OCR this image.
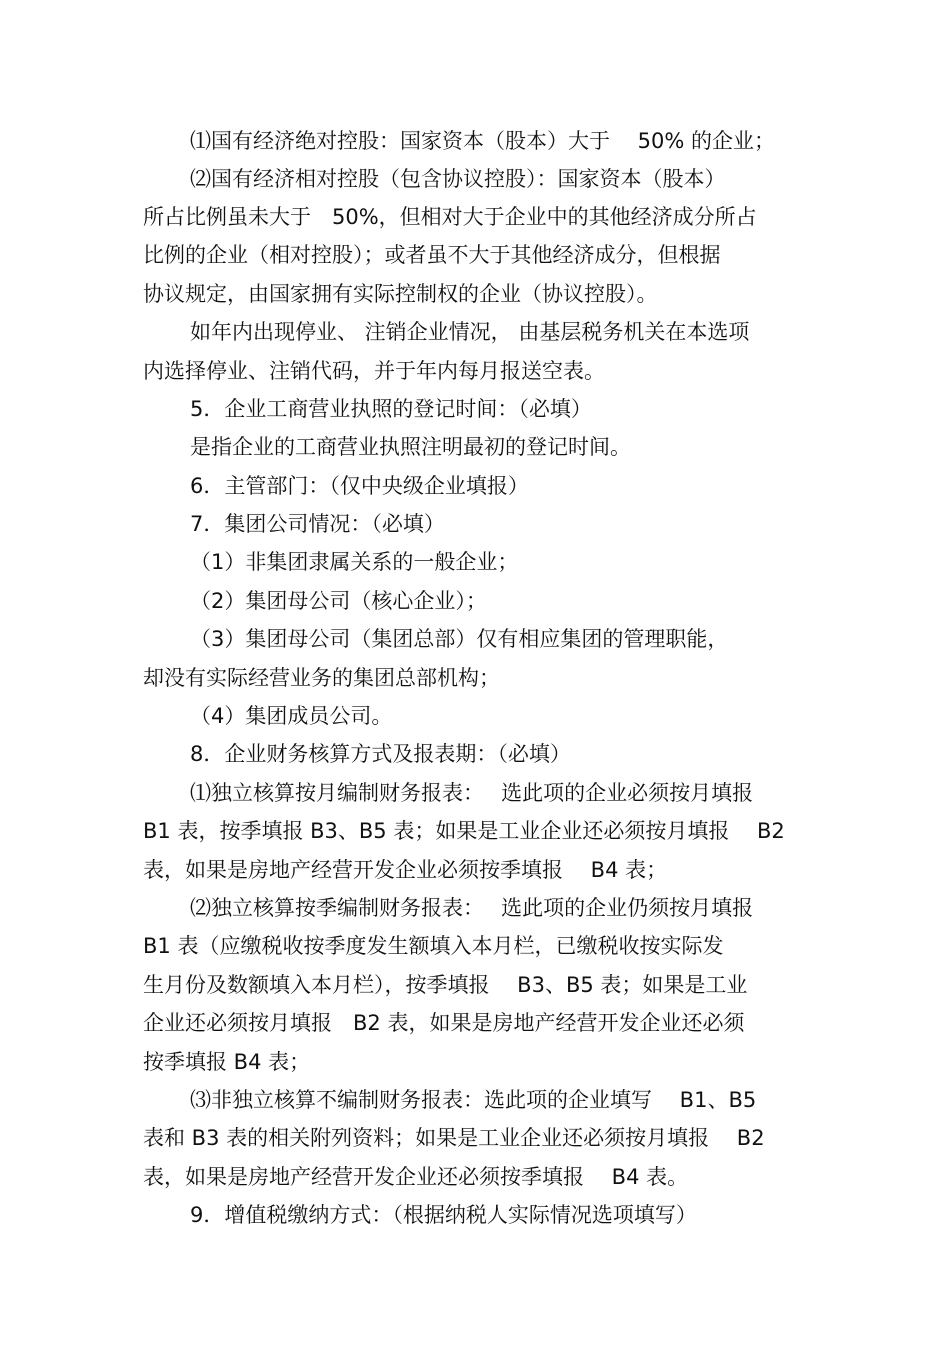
⑴国有经济绝对控股：国家资本（股本）大于　 50% 的企业；
⑵国有经济相对控股（包含协议控股）：国家资本（股本）
所占比例虽未大于　50%，但相对大于企业中的其他经济成分所占
比例的企业（相对控股）；或者虽不大于其他经济成分，但根据
协议规定，由国家拥有实际控制权的企业（协议控股）。
如年内出现停业、 注销企业情况， 由基层税务机关在本选项
内选择停业、注销代码，并于年内每月报送空表。
5．企业工商营业执照的登记时间：（必填）
是指企业的工商营业执照注明最初的登记时间。
6．主管部门：（仅中央级企业填报）
7．集团公司情况：（必填）
（1）非集团隶属关系的一般企业；
（2）集团母公司（核心企业）；
（3）集团母公司（集团总部）仅有相应集团的管理职能，
却没有实际经营业务的集团总部机构；
（4）集团成员公司。
8．企业财务核算方式及报表期：（必填）
⑴独立核算按月编制财务报表：　 选此项的企业必须按月填报
B1 表，按季填报 B3、B5 表；如果是工业企业还必须按月填报　 B2
表，如果是房地产经营开发企业必须按季填报　 B4 表；
⑵独立核算按季编制财务报表：　 选此项的企业仍须按月填报
B1 表（应缴税收按季度发生额填入本月栏，已缴税收按实际发
生月份及数额填入本月栏），按季填报　 B3、B5 表；如果是工业
企业还必须按月填报　B2 表，如果是房地产经营开发企业还必须
按季填报 B4 表；
⑶非独立核算不编制财务报表：选此项的企业填写　 B1、B5
表和 B3 表的相关附列资料；如果是工业企业还必须按月填报　 B2
表，如果是房地产经营开发企业还必须按季填报　 B4 表。
9．增值税缴纳方式：（根据纳税人实际情况选项填写）
